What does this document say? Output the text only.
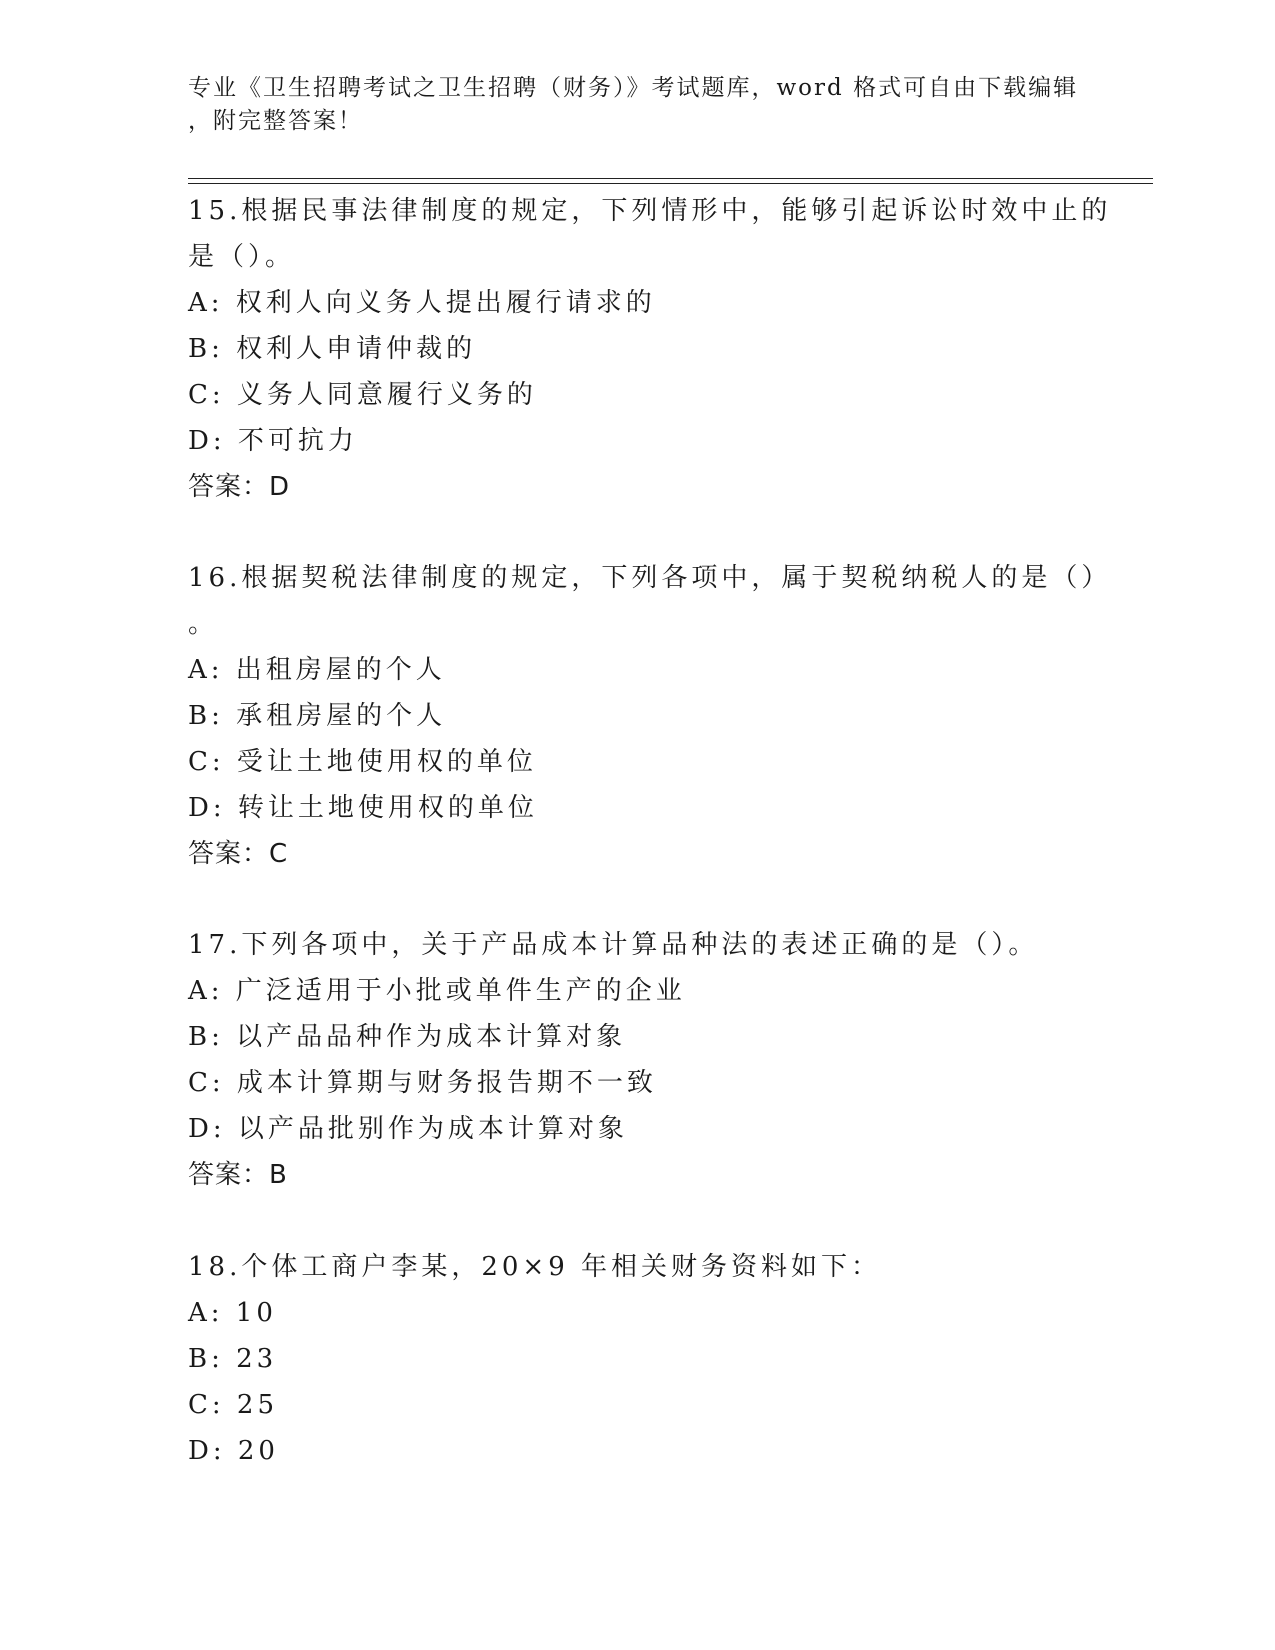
专业《卫生招聘考试之卫生招聘（财务）》考试题库，word 格式可自由下载编辑
，附完整答案！
15.根据民事法律制度的规定，下列情形中，能够引起诉讼时效中止的
是（）。
A: 权利人向义务人提出履行请求的
B: 权利人申请仲裁的
C: 义务人同意履行义务的
D: 不可抗力
答案：D
16.根据契税法律制度的规定，下列各项中，属于契税纳税人的是（）
。
A: 出租房屋的个人
B: 承租房屋的个人
C: 受让土地使用权的单位
D: 转让土地使用权的单位
答案：C
17.下列各项中，关于产品成本计算品种法的表述正确的是（）。
A: 广泛适用于小批或单件生产的企业
B: 以产品品种作为成本计算对象
C: 成本计算期与财务报告期不一致
D: 以产品批别作为成本计算对象
答案：B
18.个体工商户李某，20×9 年相关财务资料如下：
A: 10
B: 23
C: 25
D: 20
